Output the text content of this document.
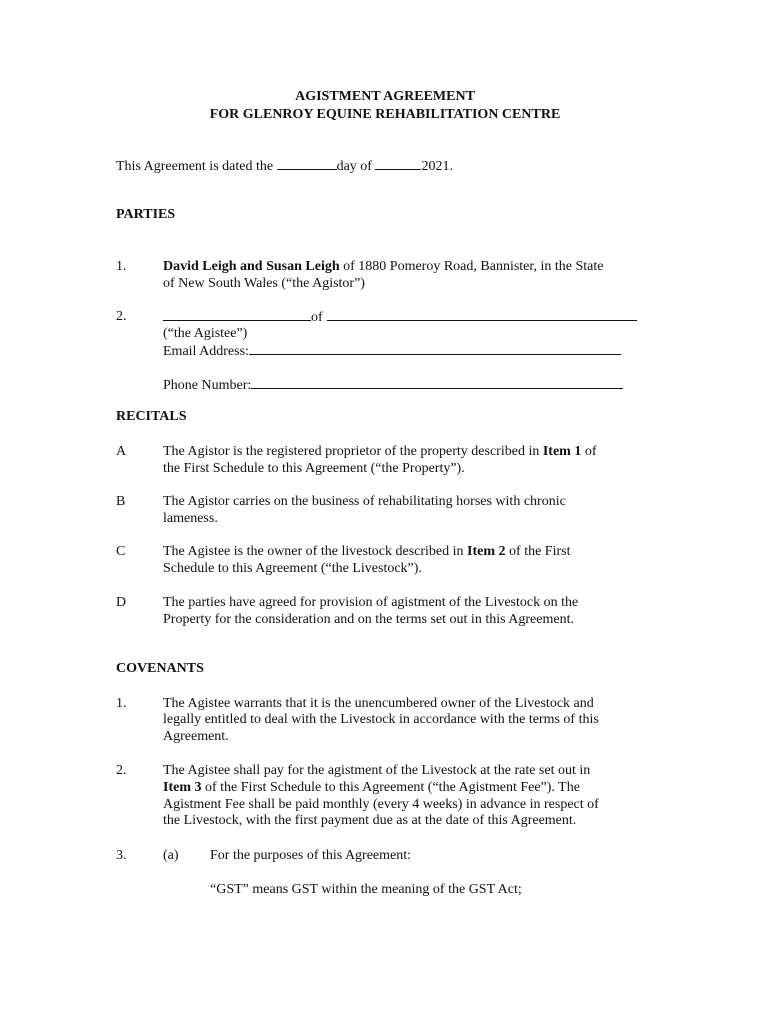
AGISTMENT AGREEMENT
FOR GLENROY EQUINE REHABILITATION CENTRE
This Agreement is dated the	day of	2021.
PARTIES
1.	David Leigh and Susan Leigh of 1880 Pomeroy Road, Bannister, in the State
of New South Wales (“the Agistor”)
2.	of
(“the Agistee”)
Email Address:
Phone Number:
RECITALS
A	The Agistor is the registered proprietor of the property described in Item 1 of
the First Schedule to this Agreement (“the Property”).
B	The Agistor carries on the business of rehabilitating horses with chronic
lameness.
C	The Agistee is the owner of the livestock described in Item 2 of the First
Schedule to this Agreement (“the Livestock”).
D	The parties have agreed for provision of agistment of the Livestock on the
Property for the consideration and on the terms set out in this Agreement.
COVENANTS
1.	The Agistee warrants that it is the unencumbered owner of the Livestock and
legally entitled to deal with the Livestock in accordance with the terms of this
Agreement.
2.	The Agistee shall pay for the agistment of the Livestock at the rate set out in
Item 3 of the First Schedule to this Agreement (“the Agistment Fee”). The
Agistment Fee shall be paid monthly (every 4 weeks) in advance in respect of
the Livestock, with the first payment due as at the date of this Agreement.
3.	(a) For the purposes of this Agreement:
“GST” means GST within the meaning of the GST Act;
